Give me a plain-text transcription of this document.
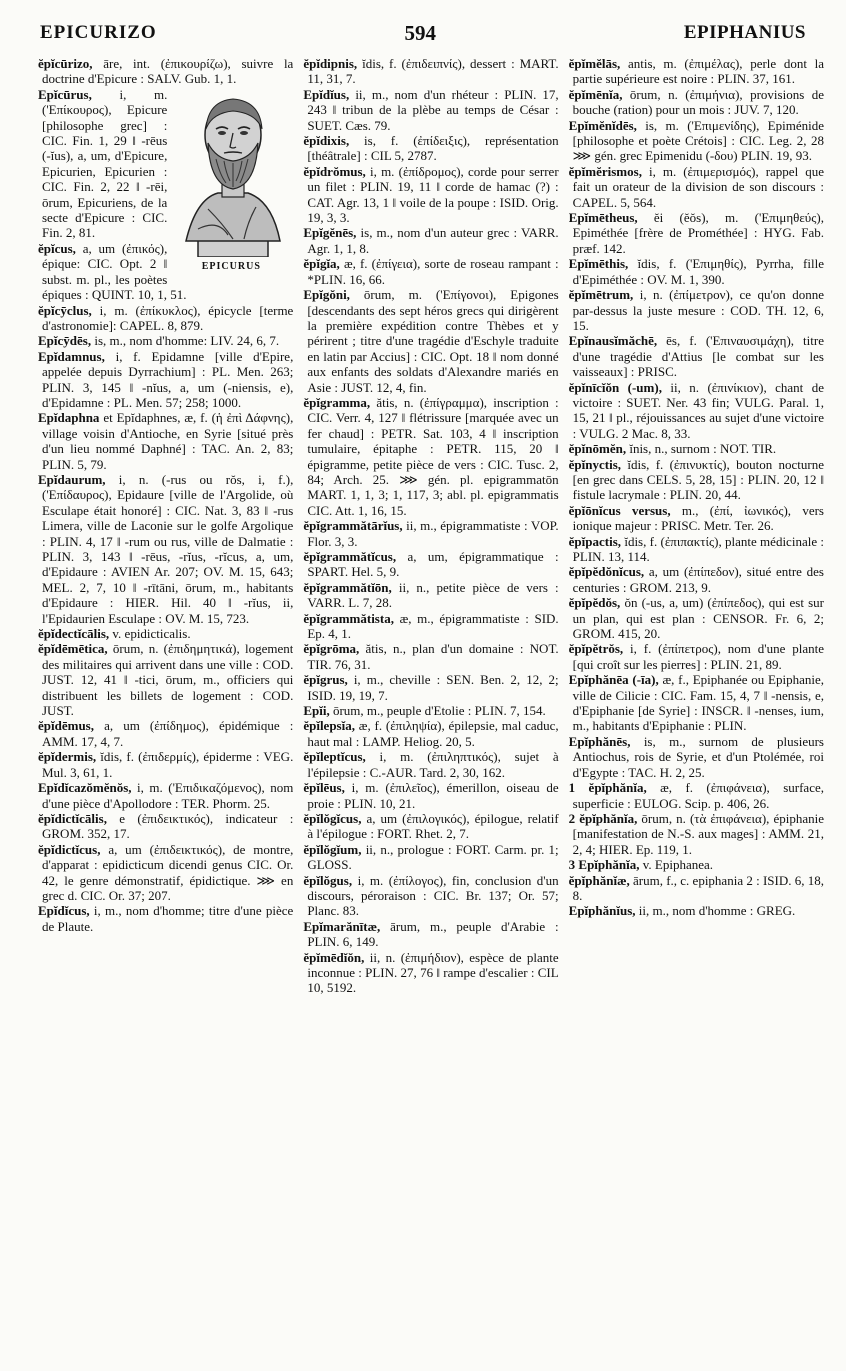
EPICURIZO	594	EPIPHANIUS

ĕpĭcūrizo, āre, int. (ἐπικουρίζω), suivre la doctrine d'Epicure : SALV. Gub. 1, 1.

EPICURUS
Epĭcūrus, i, m. ('Επίκουρος), Epicure [philosophe grec] : CIC. Fin. 1, 29 ‖ -rēus (-ĭus), a, um, d'Epicure, Epicurien, Epicurien : CIC. Fin. 2, 22 ‖ -rēi, ōrum, Epicuriens, de la secte d'Epicure : CIC. Fin. 2, 81.

ĕpĭcus, a, um (ἐπικός), épique: CIC. Opt. 2 ‖ subst. m. pl., les poètes épiques : QUINT. 10, 1, 51.

ĕpĭcȳclus, i, m. (ἐπίκυκλος), épicycle [terme d'astronomie]: CAPEL. 8, 879.

Epĭcȳdēs, is, m., nom d'homme: LIV. 24, 6, 7.

Epĭdamnus, i, f. Epidamne [ville d'Epire, appelée depuis Dyrrachium] : PL. Men. 263; PLIN. 3, 145 ‖ -nĭus, a, um (-niensis, e), d'Epidamne : PL. Men. 57; 258; 1000.

Epĭdaphna et Epĭdaphnes, æ, f. (ἡ ἐπὶ Δάφνης), village voisin d'Antioche, en Syrie [situé près d'un lieu nommé Daphné] : TAC. An. 2, 83; PLIN. 5, 79.

Epĭdaurum, i, n. (-rus ou rŏs, i, f.), ('Επίδαυρος), Epidaure [ville de l'Argolide, où Esculape était honoré] : CIC. Nat. 3, 83 ‖ -rus Limera, ville de Laconie sur le golfe Argolique : PLIN. 4, 17 ‖ -rum ou rus, ville de Dalmatie : PLIN. 3, 143 ‖ -rēus, -rĭus, -rĭcus, a, um, d'Epidaure : AVIEN Ar. 207; OV. M. 15, 643; MEL. 2, 7, 10 ‖ -rītāni, ōrum, m., habitants d'Epidaure : HIER. Hil. 40 ‖ -rĭus, ii, l'Epidaurien Esculape : OV. M. 15, 723.

ĕpĭdectĭcālis, v. epidicticalis.

ĕpĭdēmētica, ōrum, n. (ἐπιδημητικά), logement des militaires qui arrivent dans une ville : COD. JUST. 12, 41 ‖ -tici, ōrum, m., officiers qui distribuent les billets de logement : COD. JUST.

ĕpĭdēmus, a, um (ἐπίδημος), épidémique : AMM. 17, 4, 7.

ĕpĭdermis, ĭdis, f. (ἐπιδερμίς), épiderme : VEG. Mul. 3, 61, 1.

Epĭdĭcazŏmĕnŏs, i, m. ('Επιδικαζόμενος), nom d'une pièce d'Apollodore : TER. Phorm. 25.

ĕpĭdictĭcālis, e (ἐπιδεικτικός), indicateur : GROM. 352, 17.

ĕpĭdictĭcus, a, um (ἐπιδεικτικός), de montre, d'apparat : epidicticum dicendi genus CIC. Or. 42, le genre démonstratif, épidictique. ⋙ en grec d. CIC. Or. 37; 207.

Epĭdĭcus, i, m., nom d'homme; titre d'une pièce de Plaute.

ĕpĭdipnis, ĭdis, f. (ἐπιδειπνίς), dessert : MART. 11, 31, 7.

Epĭdĭus, ii, m., nom d'un rhéteur : PLIN. 17, 243 ‖ tribun de la plèbe au temps de César : SUET. Cæs. 79.

ĕpĭdixis, is, f. (ἐπίδειξις), représentation [théâtrale] : CIL 5, 2787.

ĕpĭdrŏmus, i, m. (ἐπίδρομος), corde pour serrer un filet : PLIN. 19, 11 ‖ corde de hamac (?) : CAT. Agr. 13, 1 ‖ voile de la poupe : ISID. Orig. 19, 3, 3.

Epĭgĕnēs, is, m., nom d'un auteur grec : VARR. Agr. 1, 1, 8.

ĕpĭgĭa, æ, f. (ἐπίγεια), sorte de roseau rampant : *PLIN. 16, 66.

Epĭgŏni, ōrum, m. ('Επίγονοι), Epigones [descendants des sept héros grecs qui dirigèrent la première expédition contre Thèbes et y périrent ; titre d'une tragédie d'Eschyle traduite en latin par Accius] : CIC. Opt. 18 ‖ nom donné aux enfants des soldats d'Alexandre mariés en Asie : JUST. 12, 4, fin.

ĕpĭgramma, ătis, n. (ἐπίγραμμα), inscription : CIC. Verr. 4, 127 ‖ flétrissure [marquée avec un fer chaud] : PETR. Sat. 103, 4 ‖ inscription tumulaire, épitaphe : PETR. 115, 20 ‖ épigramme, petite pièce de vers : CIC. Tusc. 2, 84; Arch. 25. ⋙ gén. pl. epigrammatōn MART. 1, 1, 3; 1, 117, 3; abl. pl. epigrammatis CIC. Att. 1, 16, 15.

ĕpĭgrammătārĭus, ii, m., épigrammatiste : VOP. Flor. 3, 3.

ĕpĭgrammătĭcus, a, um, épigrammatique : SPART. Hel. 5, 9.

ĕpĭgrammătĭōn, ii, n., petite pièce de vers : VARR. L. 7, 28.

ĕpĭgrammătista, æ, m., épigrammatiste : SID. Ep. 4, 1.

ĕpĭgrōma, ătis, n., plan d'un domaine : NOT. TIR. 76, 31.

ĕpĭgrus, i, m., cheville : SEN. Ben. 2, 12, 2; ISID. 19, 19, 7.

Epĭi, ōrum, m., peuple d'Etolie : PLIN. 7, 154.

ĕpĭlepsĭa, æ, f. (ἐπιληψία), épilepsie, mal caduc, haut mal : LAMP. Heliog. 20, 5.

ĕpĭleptĭcus, i, m. (ἐπιληπτικός), sujet à l'épilepsie : C.-AUR. Tard. 2, 30, 162.

ĕpĭlēus, i, m. (ἐπιλεῖος), émerillon, oiseau de proie : PLIN. 10, 21.

ĕpĭlŏgĭcus, a, um (ἐπιλογικός), épilogue, relatif à l'épilogue : FORT. Rhet. 2, 7.

ĕpĭlŏgĭum, ii, n., prologue : FORT. Carm. pr. 1; GLOSS.

ĕpĭlŏgus, i, m. (ἐπίλογος), fin, conclusion d'un discours, péroraison : CIC. Br. 137; Or. 57; Planc. 83.

Epĭmarănītæ, ārum, m., peuple d'Arabie : PLIN. 6, 149.

ĕpĭmēdĭŏn, ii, n. (ἐπιμήδιον), espèce de plante inconnue : PLIN. 27, 76 ‖ rampe d'escalier : CIL 10, 5192.

ĕpĭmĕlās, antis, m. (ἐπιμέλας), perle dont la partie supérieure est noire : PLIN. 37, 161.

ĕpĭmēnĭa, ōrum, n. (ἐπιμήνια), provisions de bouche (ration) pour un mois : JUV. 7, 120.

Epĭmĕnĭdēs, is, m. ('Επιμενίδης), Epiménide [philosophe et poète Crétois] : CIC. Leg. 2, 28 ⋙ gén. grec Epimenidu (-δου) PLIN. 19, 93.

ĕpĭmĕrismos, i, m. (ἐπιμερισμός), rappel que fait un orateur de la division de son discours : CAPEL. 5, 564.

Epĭmētheus, ĕi (ĕŏs), m. ('Επιμηθεύς), Epiméthée [frère de Prométhée] : HYG. Fab. præf. 142.

Epĭmēthis, ĭdis, f. ('Επιμηθίς), Pyrrha, fille d'Epiméthée : OV. M. 1, 390.

ĕpĭmētrum, i, n. (ἐπίμετρον), ce qu'on donne par-dessus la juste mesure : COD. TH. 12, 6, 15.

Epĭnausĭmăchē, ēs, f. ('Επιναυσιμάχη), titre d'une tragédie d'Attius [le combat sur les vaisseaux] : PRISC.

ĕpĭnīcĭŏn (-um), ii, n. (ἐπινίκιον), chant de victoire : SUET. Ner. 43 fin; VULG. Paral. 1, 15, 21 ‖ pl., réjouissances au sujet d'une victoire : VULG. 2 Mac. 8, 33.

ĕpĭnōmĕn, ĭnis, n., surnom : NOT. TIR.

ĕpĭnyctis, ĭdis, f. (ἐπινυκτίς), bouton nocturne [en grec dans CELS. 5, 28, 15] : PLIN. 20, 12 ‖ fistule lacrymale : PLIN. 20, 44.

ĕpĭōnĭcus versus, m., (ἐπί, ἰωνικός), vers ionique majeur : PRISC. Metr. Ter. 26.

ĕpĭpactis, ĭdis, f. (ἐπιπακτίς), plante médicinale : PLIN. 13, 114.

ĕpĭpĕdŏnĭcus, a, um (ἐπίπεδον), situé entre des centuries : GROM. 213, 9.

ĕpĭpĕdŏs, ŏn (-us, a, um) (ἐπίπεδος), qui est sur un plan, qui est plan : CENSOR. Fr. 6, 2; GROM. 415, 20.

ĕpĭpĕtrŏs, i, f. (ἐπίπετρος), nom d'une plante [qui croît sur les pierres] : PLIN. 21, 89.

Epĭphănēa (-īa), æ, f., Epiphanée ou Epiphanie, ville de Cilicie : CIC. Fam. 15, 4, 7 ‖ -nensis, e, d'Epiphanie [de Syrie] : INSCR. ‖ -nenses, ium, m., habitants d'Epiphanie : PLIN.

Epĭphănēs, is, m., surnom de plusieurs Antiochus, rois de Syrie, et d'un Ptolémée, roi d'Egypte : TAC. H. 2, 25.

1 ĕpĭphănĭa, æ, f. (ἐπιφάνεια), surface, superficie : EULOG. Scip. p. 406, 26.

2 ĕpĭphănĭa, ōrum, n. (τὰ ἐπιφάνεια), épiphanie [manifestation de N.-S. aux mages] : AMM. 21, 2, 4; HIER. Ep. 119, 1.

3 Epĭphănĭa, v. Epiphanea.

ĕpĭphănĭæ, ārum, f., c. epiphania 2 : ISID. 6, 18, 8.

Epĭphănĭus, ii, m., nom d'homme : GREG.
